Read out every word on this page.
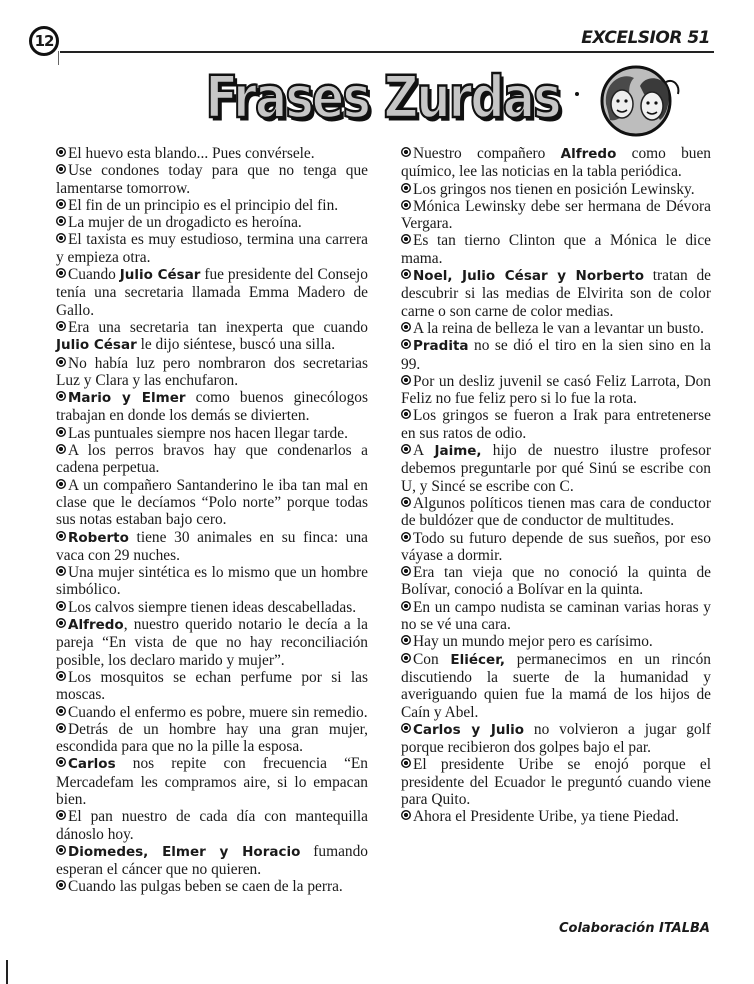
12	EXCELSIOR 51
Frases Zurdas

El huevo esta blando... Pues convérsele.

Use condones today para que no tenga que lamentarse tomorrow.

El fin de un principio es el principio del fin.

La mujer de un drogadicto es heroína.

El taxista es muy estudioso, termina una carrera y empieza otra.

Cuando Julio César fue presidente del Consejo tenía una secretaria llamada Emma Madero de Gallo.

Era una secretaria tan inexperta que cuando Julio César le dijo siéntese, buscó una silla.

No había luz pero nombraron dos secretarias Luz y Clara y las enchufaron.

Mario y Elmer como buenos ginecólogos trabajan en donde los demás se divierten.

Las puntuales siempre nos hacen llegar tarde.

A los perros bravos hay que condenarlos a cadena perpetua.

A un compañero Santanderino le iba tan mal en clase que le decíamos “Polo norte” porque todas sus notas estaban bajo cero.

Roberto tiene 30 animales en su finca: una vaca con 29 nuches.

Una mujer sintética es lo mismo que un hombre simbólico.

Los calvos siempre tienen ideas descabelladas.

Alfredo, nuestro querido notario le decía a la pareja “En vista de que no hay reconciliación posible, los declaro marido y mujer”.

Los mosquitos se echan perfume por si las moscas.

Cuando el enfermo es pobre, muere sin remedio.

Detrás de un hombre hay una gran mujer, escondida para que no la pille la esposa.

Carlos nos repite con frecuencia “En Mercadefam les compramos aire, si lo empacan bien.

El pan nuestro de cada día con mantequilla dánoslo hoy.

Diomedes, Elmer y Horacio fumando esperan el cáncer que no quieren.

Cuando las pulgas beben se caen de la perra.

Nuestro compañero Alfredo como buen químico, lee las noticias en la tabla periódica.

Los gringos nos tienen en posición Lewinsky.

Mónica Lewinsky debe ser hermana de Dévora Vergara.

Es tan tierno Clinton que a Mónica le dice mama.

Noel, Julio César y Norberto tratan de descubrir si las medias de Elvirita son de color carne o son carne de color medias.

A la reina de belleza le van a levantar un busto.

Pradita no se dió el tiro en la sien sino en la 99.

Por un desliz juvenil se casó Feliz Larrota, Don Feliz no fue feliz pero si lo fue la rota.

Los gringos se fueron a Irak para entretenerse en sus ratos de odio.

A Jaime, hijo de nuestro ilustre profesor debemos preguntarle por qué Sinú se escribe con U, y Sincé se escribe con C.

Algunos políticos tienen mas cara de conductor de buldózer que de conductor de multitudes.

Todo su futuro depende de sus sueños, por eso váyase a dormir.

Era tan vieja que no conoció la quinta de Bolívar, conoció a Bolívar en la quinta.

En un campo nudista se caminan varias horas y no se vé una cara.

Hay un mundo mejor pero es carísimo.

Con Eliécer, permanecimos en un rincón discutiendo la suerte de la humanidad y averiguando quien fue la mamá de los hijos de Caín y Abel.

Carlos y Julio no volvieron a jugar golf porque recibieron dos golpes bajo el par.

El presidente Uribe se enojó porque el presidente del Ecuador le preguntó cuando viene para Quito.

Ahora el Presidente Uribe, ya tiene Piedad.

Colaboración ITALBA
